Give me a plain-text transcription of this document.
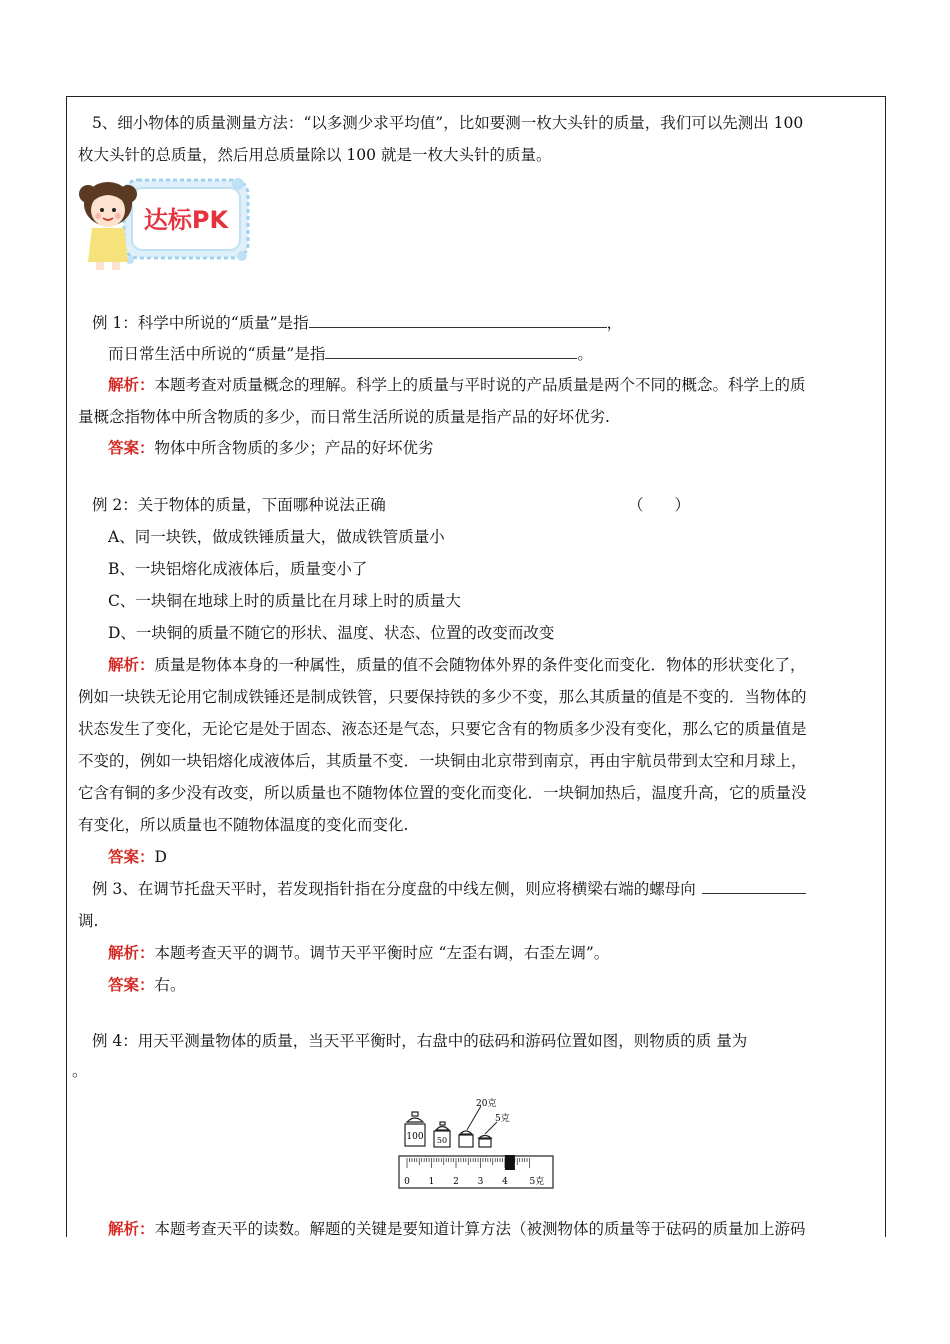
5、细小物体的质量测量方法：“以多测少求平均值”，比如要测一枚大头针的质量，我们可以先测出 100
枚大头针的总质量，然后用总质量除以 100 就是一枚大头针的质量。
达标PK
例 1：科学中所说的“质量”是指	，
而日常生活中所说的“质量”是指	。
解析：本题考查对质量概念的理解。科学上的质量与平时说的产品质量是两个不同的概念。科学上的质
量概念指物体中所含物质的多少，而日常生活所说的质量是指产品的好坏优劣.
答案：物体中所含物质的多少；产品的好坏优劣
例 2：关于物体的质量，下面哪种说法正确	（　　）
A、同一块铁，做成铁锤质量大，做成铁管质量小
B、一块铝熔化成液体后，质量变小了
C、一块铜在地球上时的质量比在月球上时的质量大
D、一块铜的质量不随它的形状、温度、状态、位置的改变而改变
解析：质量是物体本身的一种属性，质量的值不会随物体外界的条件变化而变化．物体的形状变化了，
例如一块铁无论用它制成铁锤还是制成铁管，只要保持铁的多少不变，那么其质量的值是不变的．当物体的
状态发生了变化，无论它是处于固态、液态还是气态，只要它含有的物质多少没有变化，那么它的质量值是
不变的，例如一块铝熔化成液体后，其质量不变．一块铜由北京带到南京，再由宇航员带到太空和月球上，
它含有铜的多少没有改变，所以质量也不随物体位置的变化而变化．一块铜加热后，温度升高，它的质量没
有变化，所以质量也不随物体温度的变化而变化.
答案：D
例 3、在调节托盘天平时，若发现指针指在分度盘的中线左侧，则应将横梁右端的螺母向
调.
解析：本题考查天平的调节。调节天平平衡时应 “左歪右调，右歪左调”。
答案：右。
例 4：用天平测量物体的质量，当天平平衡时，右盘中的砝码和游码位置如图，则物质的质 量为
。
100 50
20克
5克
0 1 2 3 4 5克
解析：本题考查天平的读数。解题的关键是要知道计算方法（被测物体的质量等于砝码的质量加上游码
